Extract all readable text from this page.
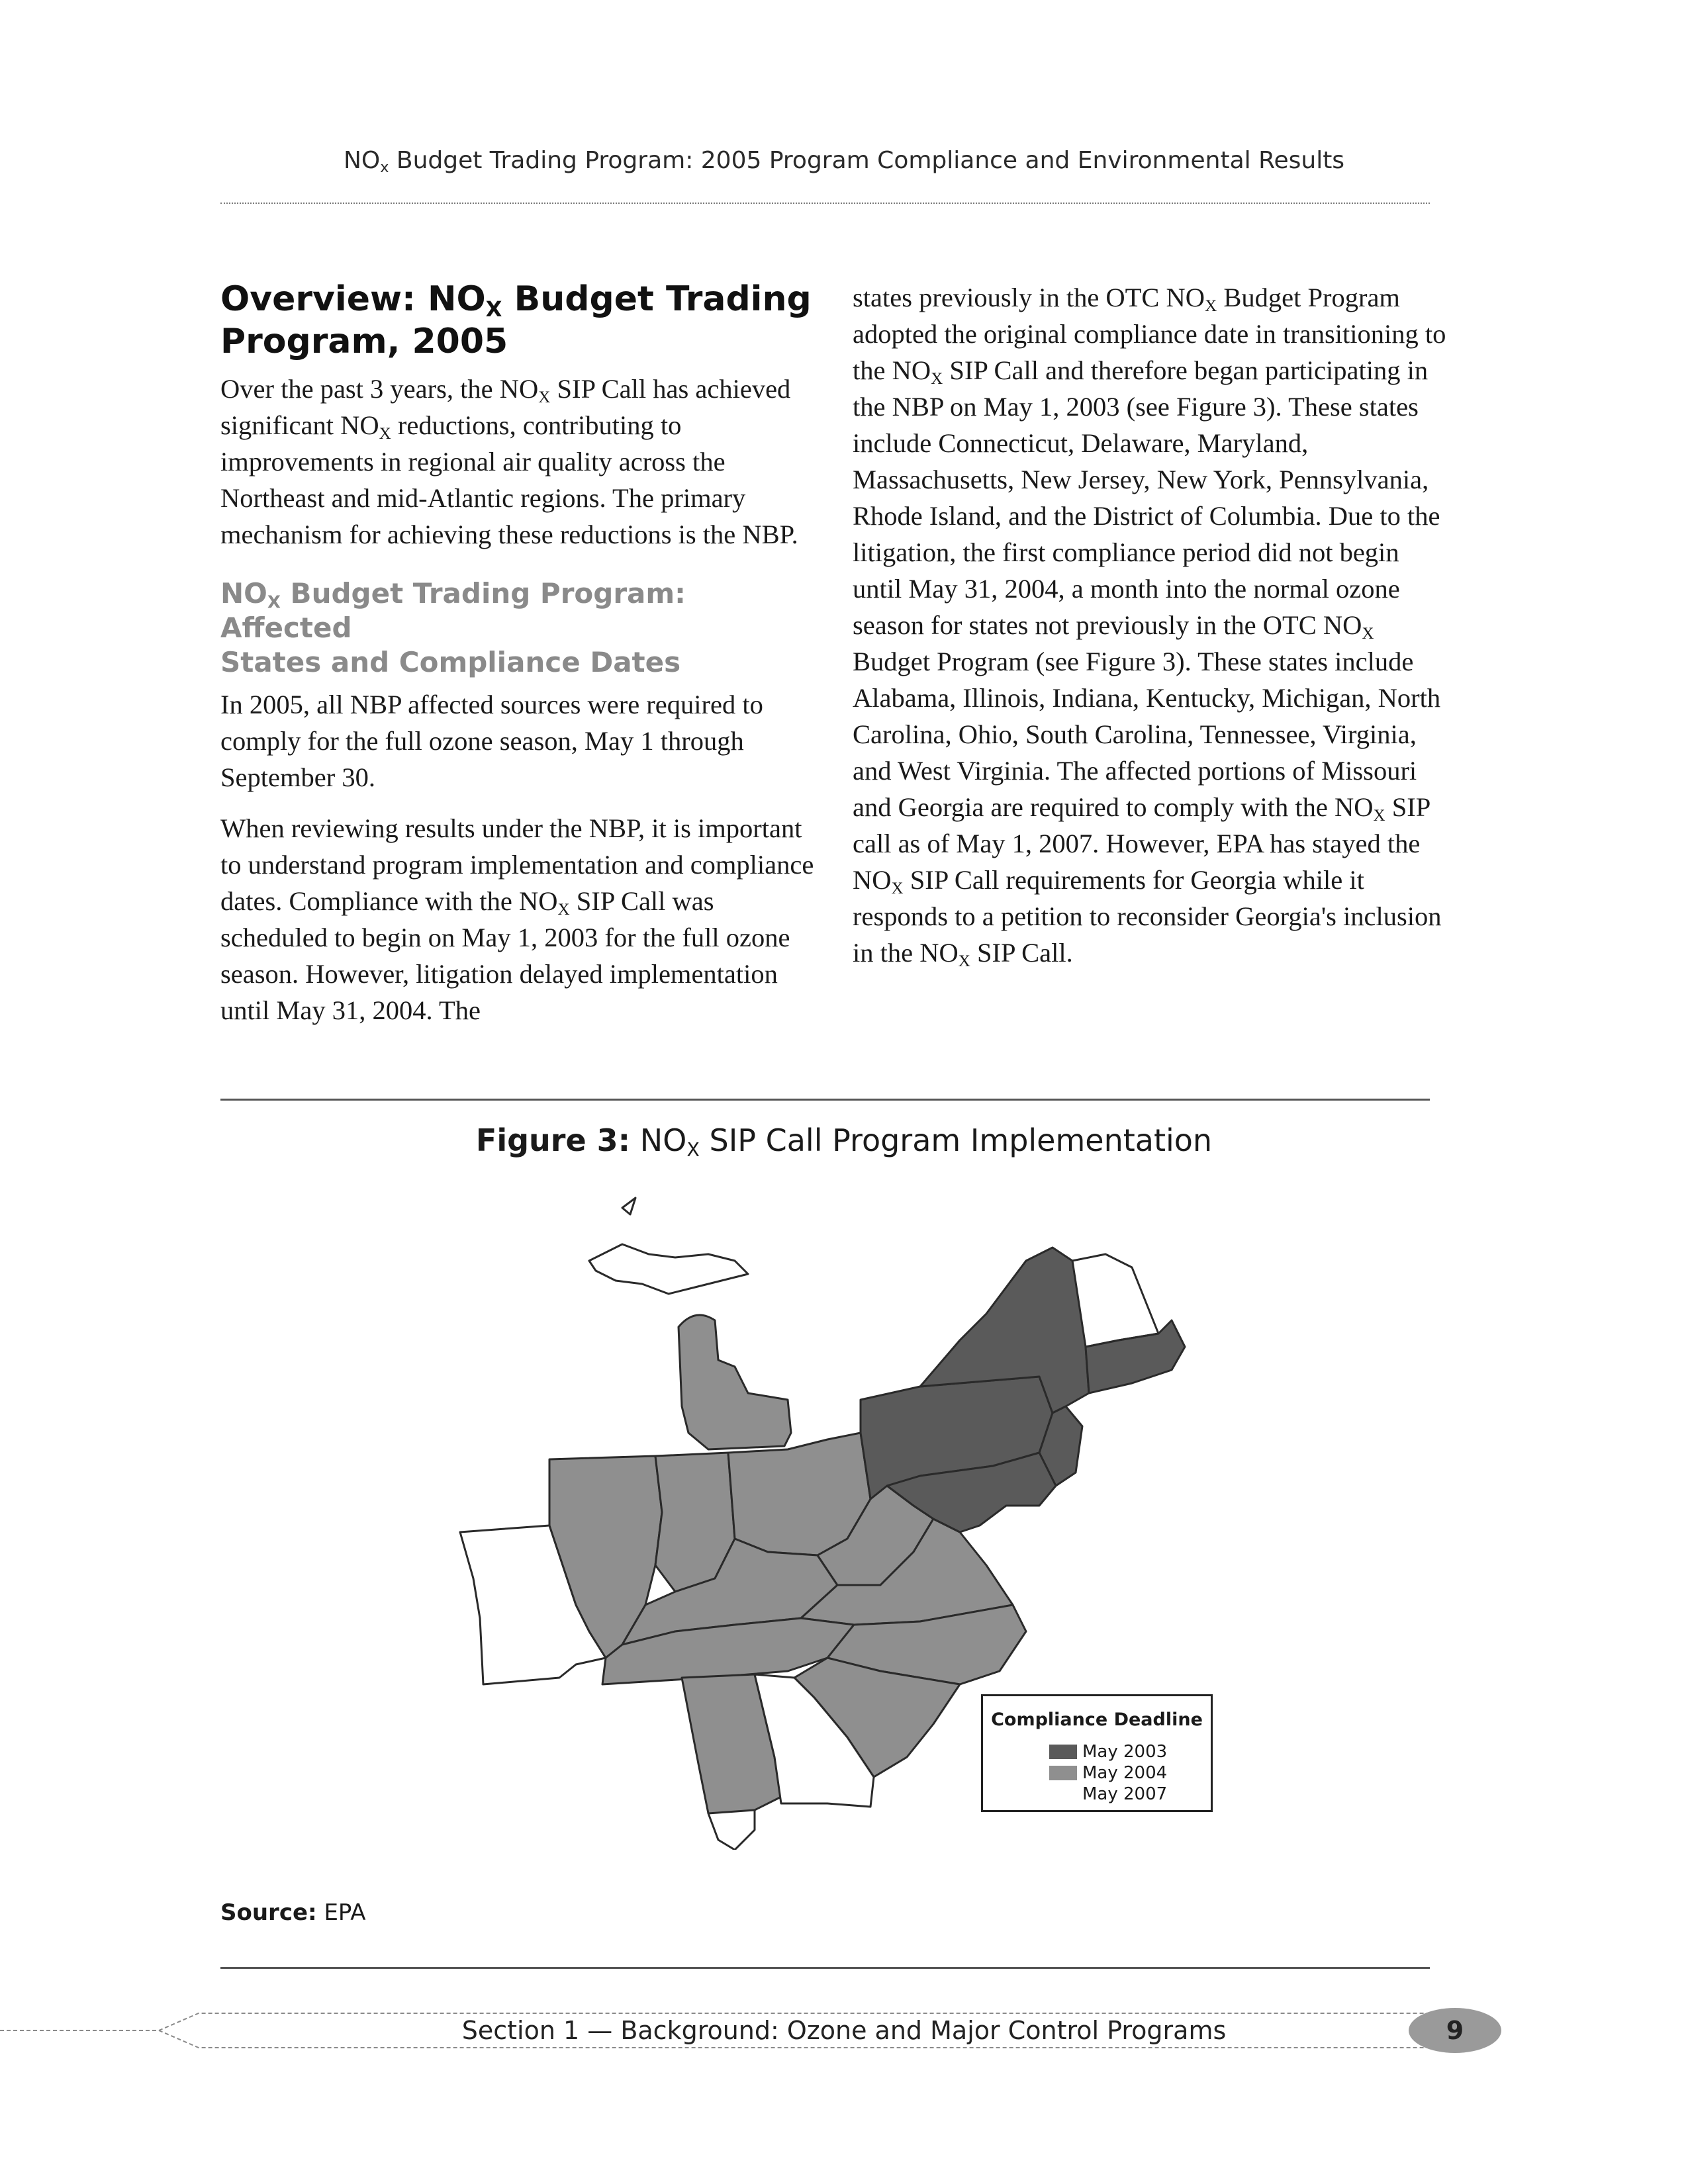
$NO_x$ Budget Trading Program: 2005 Program Compliance and Environmental Results
Overview: $NO_X$ Budget Trading
Program, 2005

Over the past 3 years, the $NO_X$ SIP Call has achieved significant $NO_X$ reductions, contributing to improvements in regional air quality across the Northeast and mid-Atlantic regions. The primary mechanism for achieving these reductions is the NBP.

$NO_X$ Budget Trading Program: Affected
States and Compliance Dates

In 2005, all NBP affected sources were required to comply for the full ozone season, May 1 through September 30.

When reviewing results under the NBP, it is important to understand program implementation and compliance dates. Compliance with the $NO_X$ SIP Call was scheduled to begin on May 1, 2003 for the full ozone season. However, litigation delayed implementation until May 31, 2004. The

states previously in the OTC $NO_X$ Budget Program adopted the original compliance date in transitioning to the $NO_X$ SIP Call and therefore began participating in the NBP on May 1, 2003 (see Figure 3). These states include Connecticut, Delaware, Maryland, Massachusetts, New Jersey, New York, Pennsylvania, Rhode Island, and the District of Columbia. Due to the litigation, the first compliance period did not begin until May 31, 2004, a month into the normal ozone season for states not previously in the OTC $NO_X$ Budget Program (see Figure 3). These states include Alabama, Illinois, Indiana, Kentucky, Michigan, North Carolina, Ohio, South Carolina, Tennessee, Virginia, and West Virginia. The affected portions of Missouri and Georgia are required to comply with the $NO_X$ SIP call as of May 1, 2007. However, EPA has stayed the $NO_X$ SIP Call requirements for Georgia while it responds to a petition to reconsider Georgia's inclusion in the $NO_X$ SIP Call.

Figure 3: $NO_X$ SIP Call Program Implementation
Compliance Deadline
May 2003
May 2004
May 2007
Source: EPA
Section 1 — Background: Ozone and Major Control Programs	9
